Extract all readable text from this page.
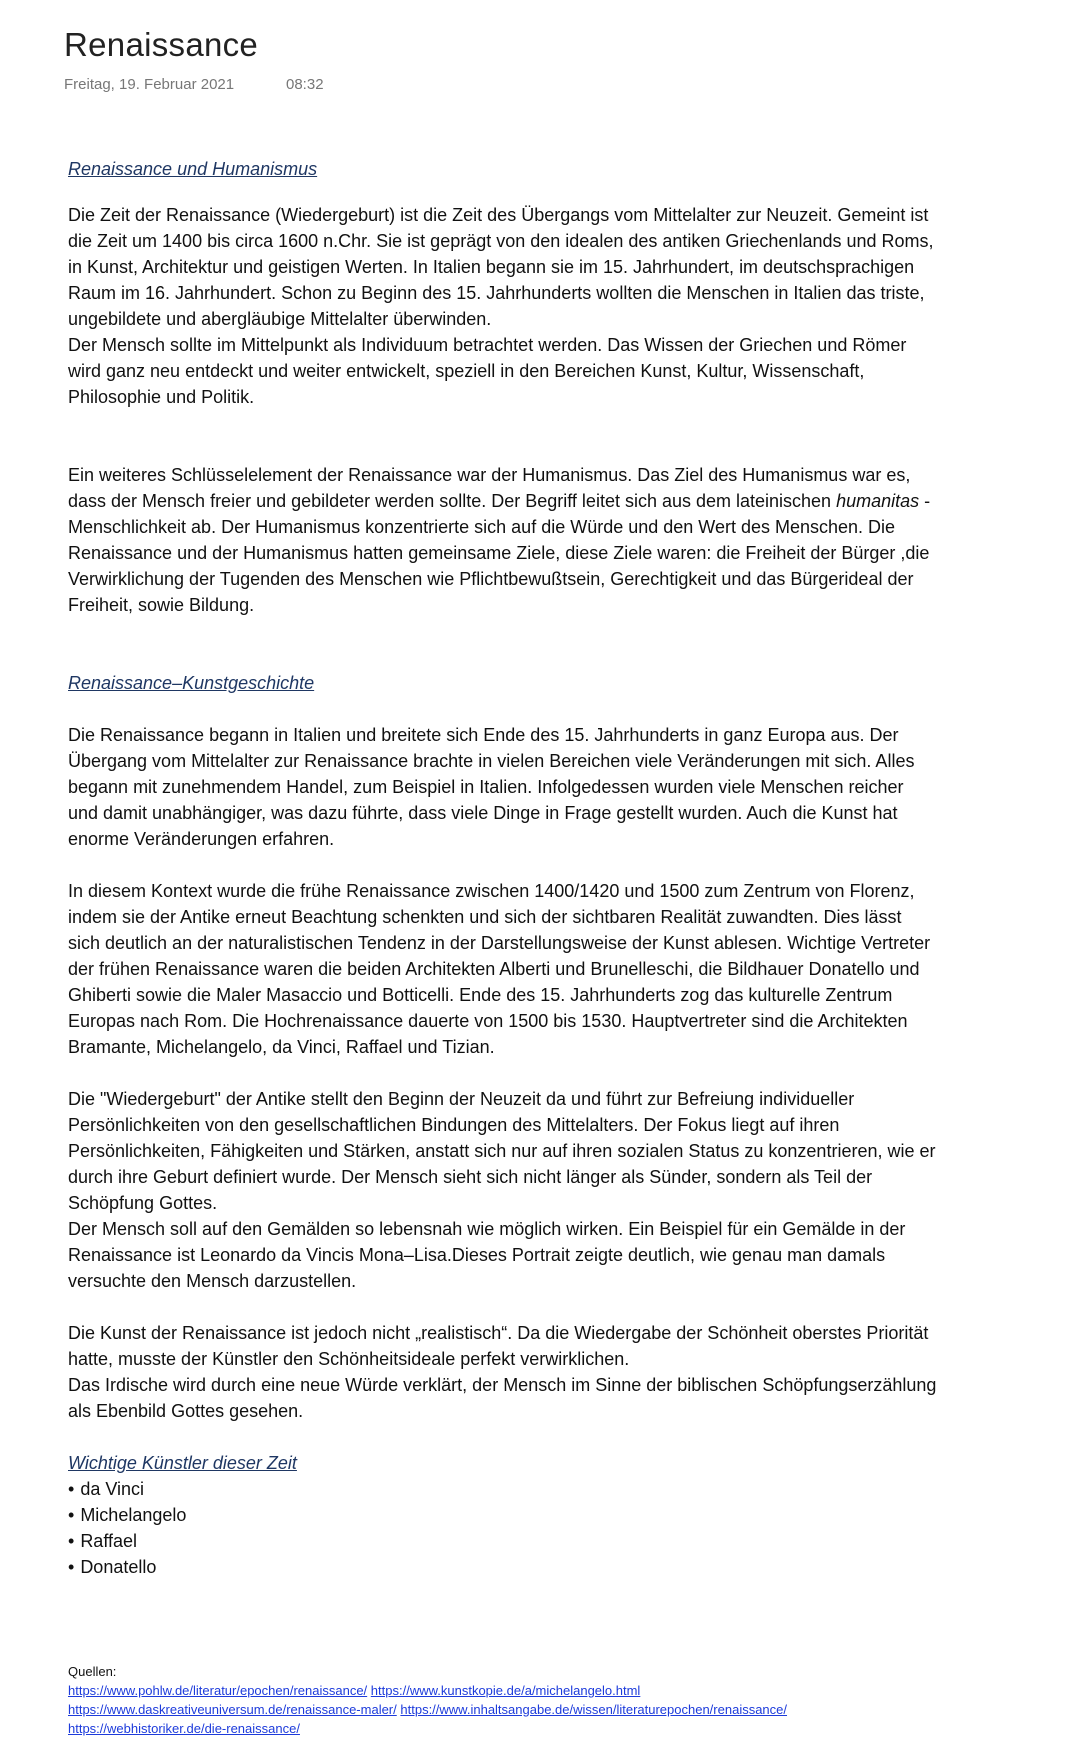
Renaissance
Freitag, 19. Februar 2021	08:32

Renaissance und Humanismus

Die Zeit der Renaissance (Wiedergeburt) ist die Zeit des Übergangs vom Mittelalter zur Neuzeit. Gemeint ist die Zeit um 1400 bis circa 1600 n.Chr. Sie ist geprägt von den idealen des antiken Griechenlands und Roms, in Kunst, Architektur und geistigen Werten. In Italien begann sie im 15. Jahrhundert, im deutschsprachigen Raum im 16. Jahrhundert. Schon zu Beginn des 15. Jahrhunderts wollten die Menschen in Italien das triste, ungebildete und abergläubige Mittelalter überwinden.

Der Mensch sollte im Mittelpunkt als Individuum betrachtet werden. Das Wissen der Griechen und Römer wird ganz neu entdeckt und weiter entwickelt, speziell in den Bereichen Kunst, Kultur, Wissenschaft, Philosophie und Politik.

Ein weiteres Schlüsselelement der Renaissance war der Humanismus. Das Ziel des Humanismus war es, dass der Mensch freier und gebildeter werden sollte. Der Begriff leitet sich aus dem lateinischen humanitas - Menschlichkeit ab. Der Humanismus konzentrierte sich auf die Würde und den Wert des Menschen. Die Renaissance und der Humanismus hatten gemeinsame Ziele, diese Ziele waren: die Freiheit der Bürger ,die Verwirklichung der Tugenden des Menschen wie Pflichtbewußtsein, Gerechtigkeit und das Bürgerideal der Freiheit, sowie Bildung.

Renaissance–Kunstgeschichte

Die Renaissance begann in Italien und breitete sich Ende des 15. Jahrhunderts in ganz Europa aus. Der Übergang vom Mittelalter zur Renaissance brachte in vielen Bereichen viele Veränderungen mit sich. Alles begann mit zunehmendem Handel, zum Beispiel in Italien. Infolgedessen wurden viele Menschen reicher und damit unabhängiger, was dazu führte, dass viele Dinge in Frage gestellt wurden. Auch die Kunst hat enorme Veränderungen erfahren.

In diesem Kontext wurde die frühe Renaissance zwischen 1400/1420 und 1500 zum Zentrum von Florenz, indem sie der Antike erneut Beachtung schenkten und sich der sichtbaren Realität zuwandten. Dies lässt sich deutlich an der naturalistischen Tendenz in der Darstellungsweise der Kunst ablesen. Wichtige Vertreter der frühen Renaissance waren die beiden Architekten Alberti und Brunelleschi, die Bildhauer Donatello und Ghiberti sowie die Maler Masaccio und Botticelli. Ende des 15. Jahrhunderts zog das kulturelle Zentrum Europas nach Rom. Die Hochrenaissance dauerte von 1500 bis 1530. Hauptvertreter sind die Architekten Bramante, Michelangelo, da Vinci, Raffael und Tizian.

Die "Wiedergeburt" der Antike stellt den Beginn der Neuzeit da und führt zur Befreiung individueller Persönlichkeiten von den gesellschaftlichen Bindungen des Mittelalters. Der Fokus liegt auf ihren Persönlichkeiten, Fähigkeiten und Stärken, anstatt sich nur auf ihren sozialen Status zu konzentrieren, wie er durch ihre Geburt definiert wurde. Der Mensch sieht sich nicht länger als Sünder, sondern als Teil der Schöpfung Gottes.

Der Mensch soll auf den Gemälden so lebensnah wie möglich wirken. Ein Beispiel für ein Gemälde in der Renaissance ist Leonardo da Vincis Mona–Lisa.Dieses Portrait zeigte deutlich, wie genau man damals versuchte den Mensch darzustellen.

Die Kunst der Renaissance ist jedoch nicht „realistisch“. Da die Wiedergabe der Schönheit oberstes Priorität hatte, musste der Künstler den Schönheitsideale perfekt verwirklichen.

Das Irdische wird durch eine neue Würde verklärt, der Mensch im Sinne der biblischen Schöpfungserzählung als Ebenbild Gottes gesehen.

Wichtige Künstler dieser Zeit

• da Vinci
• Michelangelo
• Raffael
• Donatello
Quellen:
https://www.pohlw.de/literatur/epochen/renaissance/ https://www.kunstkopie.de/a/michelangelo.html
https://www.daskreativeuniversum.de/renaissance-maler/ https://www.inhaltsangabe.de/wissen/literaturepochen/renaissance/
https://webhistoriker.de/die-renaissance/
